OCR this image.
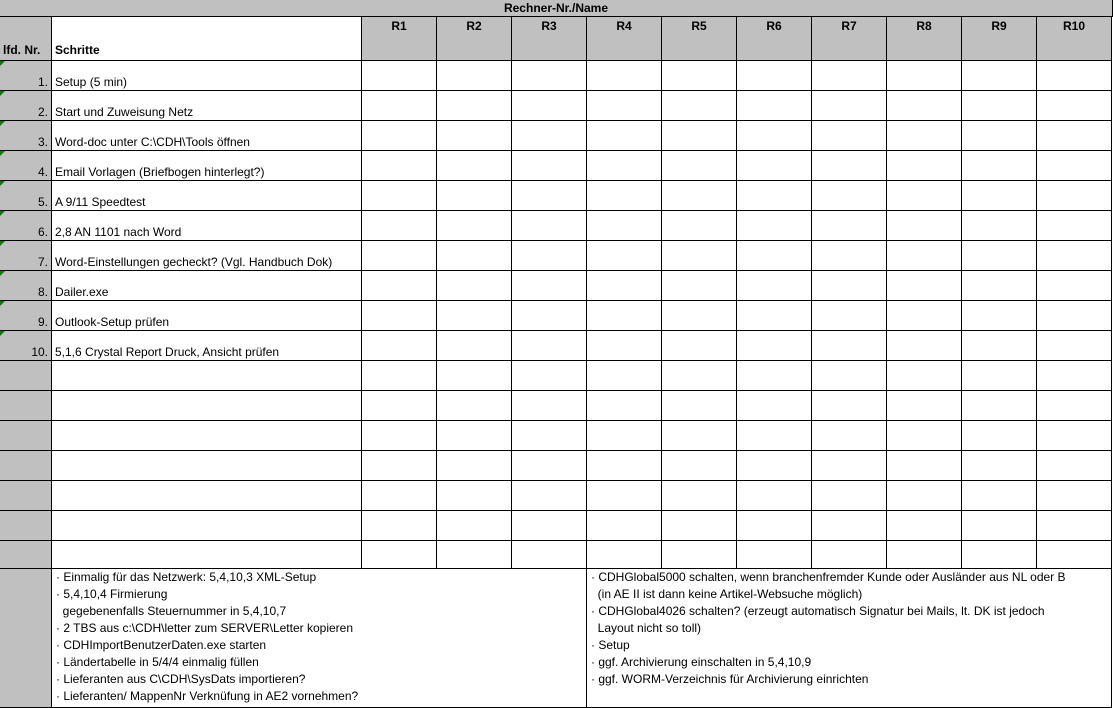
Rechner-Nr./Name
lfd. Nr.	Schritte
R1	R2	R3	R4	R5	R6	R7	R8	R9	R10
1. Setup (5 min)
2. Start und Zuweisung Netz
3. Word-doc unter C:\CDH\Tools öffnen
4. Email Vorlagen (Briefbogen hinterlegt?)
5. A 9/11 Speedtest
6. 2,8 AN 1101 nach Word
7. Word-Einstellungen gecheckt? (Vgl. Handbuch Dok)
8. Dailer.exe
9. Outlook-Setup prüfen
10. 5,1,6 Crystal Report Druck, Ansicht prüfen
· Einmalig für das Netzwerk: 5,4,10,3 XML-Setup
· 5,4,10,4 Firmierung
gegebenenfalls Steuernummer in 5,4,10,7
· 2 TBS aus c:\CDH\letter zum SERVER\Letter kopieren
· CDHImportBenutzerDaten.exe starten
· Ländertabelle in 5/4/4 einmalig füllen
· Lieferanten aus C\CDH\SysDats importieren?
· Lieferanten/ MappenNr Verknüfung in AE2 vornehmen?
· CDHGlobal5000 schalten, wenn branchenfremder Kunde oder Ausländer aus NL oder B
(in AE II ist dann keine Artikel-Websuche möglich)
· CDHGlobal4026 schalten? (erzeugt automatisch Signatur bei Mails, lt. DK ist jedoch
Layout nicht so toll)
· Setup
· ggf. Archivierung einschalten in 5,4,10,9
· ggf. WORM-Verzeichnis für Archivierung einrichten
